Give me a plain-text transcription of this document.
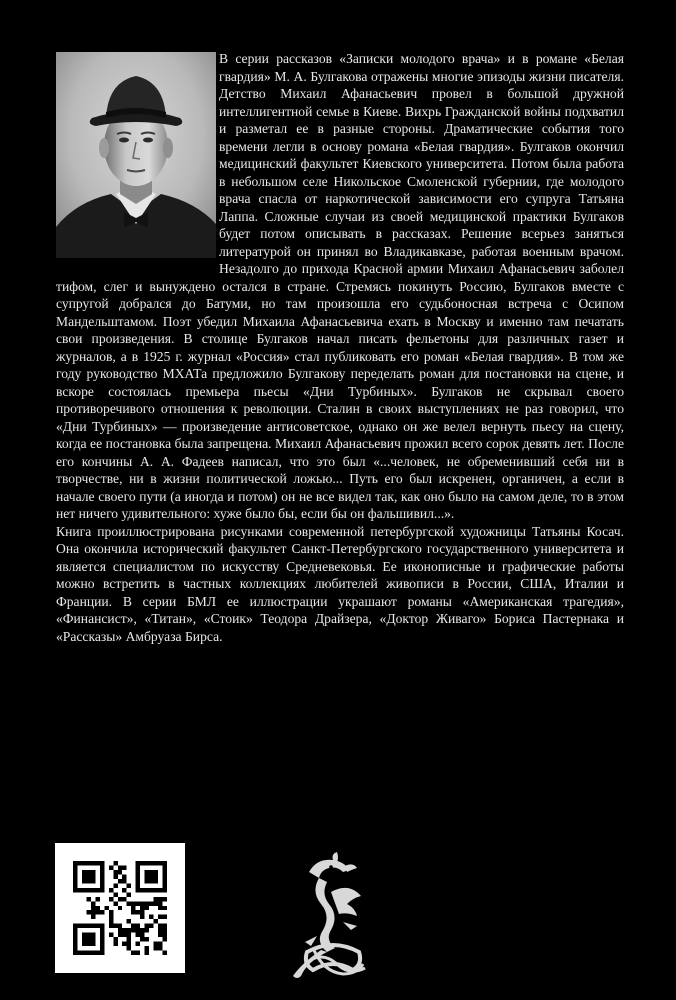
В серии рассказов «Записки молодого врача» и в романе «Белая гвардия» М. А. Булгакова отражены многие эпизоды жизни писателя. Детство Михаил Афанасьевич провел в большой дружной интеллигентной семье в Киеве. Вихрь Гражданской войны подхватил и разметал ее в разные стороны. Драматические события того времени легли в основу романа «Белая гвардия». Булгаков окончил медицинский факультет Киевского университета. Потом была работа в небольшом селе Никольское Смоленской губернии, где молодого врача спасла от наркотической зависимости его супруга Татьяна Лаппа. Сложные случаи из своей медицинской практики Булгаков будет потом описывать в рассказах. Решение всерьез заняться литературой он принял во Владикавказе, работая военным врачом. Незадолго до прихода Красной армии Михаил Афанасьевич заболел тифом, слег и вынуждено остался в стране. Стремясь покинуть Россию, Булгаков вместе с супругой добрался до Батуми, но там произошла его судьбоносная встреча с Осипом Мандельштамом. Поэт убедил Михаила Афанасьевича ехать в Москву и именно там печатать свои произведения. В столице Булгаков начал писать фельетоны для различных газет и журналов, а в 1925 г. журнал «Россия» стал публиковать его роман «Белая гвардия». В том же году руководство МХАТа предложило Булгакову переделать роман для постановки на сцене, и вскоре состоялась премьера пьесы «Дни Турбиных». Булгаков не скрывал своего противоречивого отношения к революции. Сталин в своих выступлениях не раз говорил, что «Дни Турбиных» — произведение антисоветское, однако он же велел вернуть пьесу на сцену, когда ее постановка была запрещена. Михаил Афанасьевич прожил всего сорок девять лет. После его кончины А. А. Фадеев написал, что это был «...человек, не обременивший себя ни в творчестве, ни в жизни политической ложью... Путь его был искренен, органичен, а если в начале своего пути (а иногда и потом) он не все видел так, как оно было на самом деле, то в этом нет ничего удивительного: хуже было бы, если бы он фальшивил...».

Книга проиллюстрирована рисунками современной петербургской художницы Татьяны Косач. Она окончила исторический факультет Санкт-Петербургского государственного университета и является специалистом по искусству Средневековья. Ее иконописные и графические работы можно встретить в частных коллекциях любителей живописи в России, США, Италии и Франции. В серии БМЛ ее иллюстрации украшают романы «Американская трагедия», «Финансист», «Титан», «Стоик» Теодора Драйзера, «Доктор Живаго» Бориса Пастернака и «Рассказы» Амбруаза Бирса.
